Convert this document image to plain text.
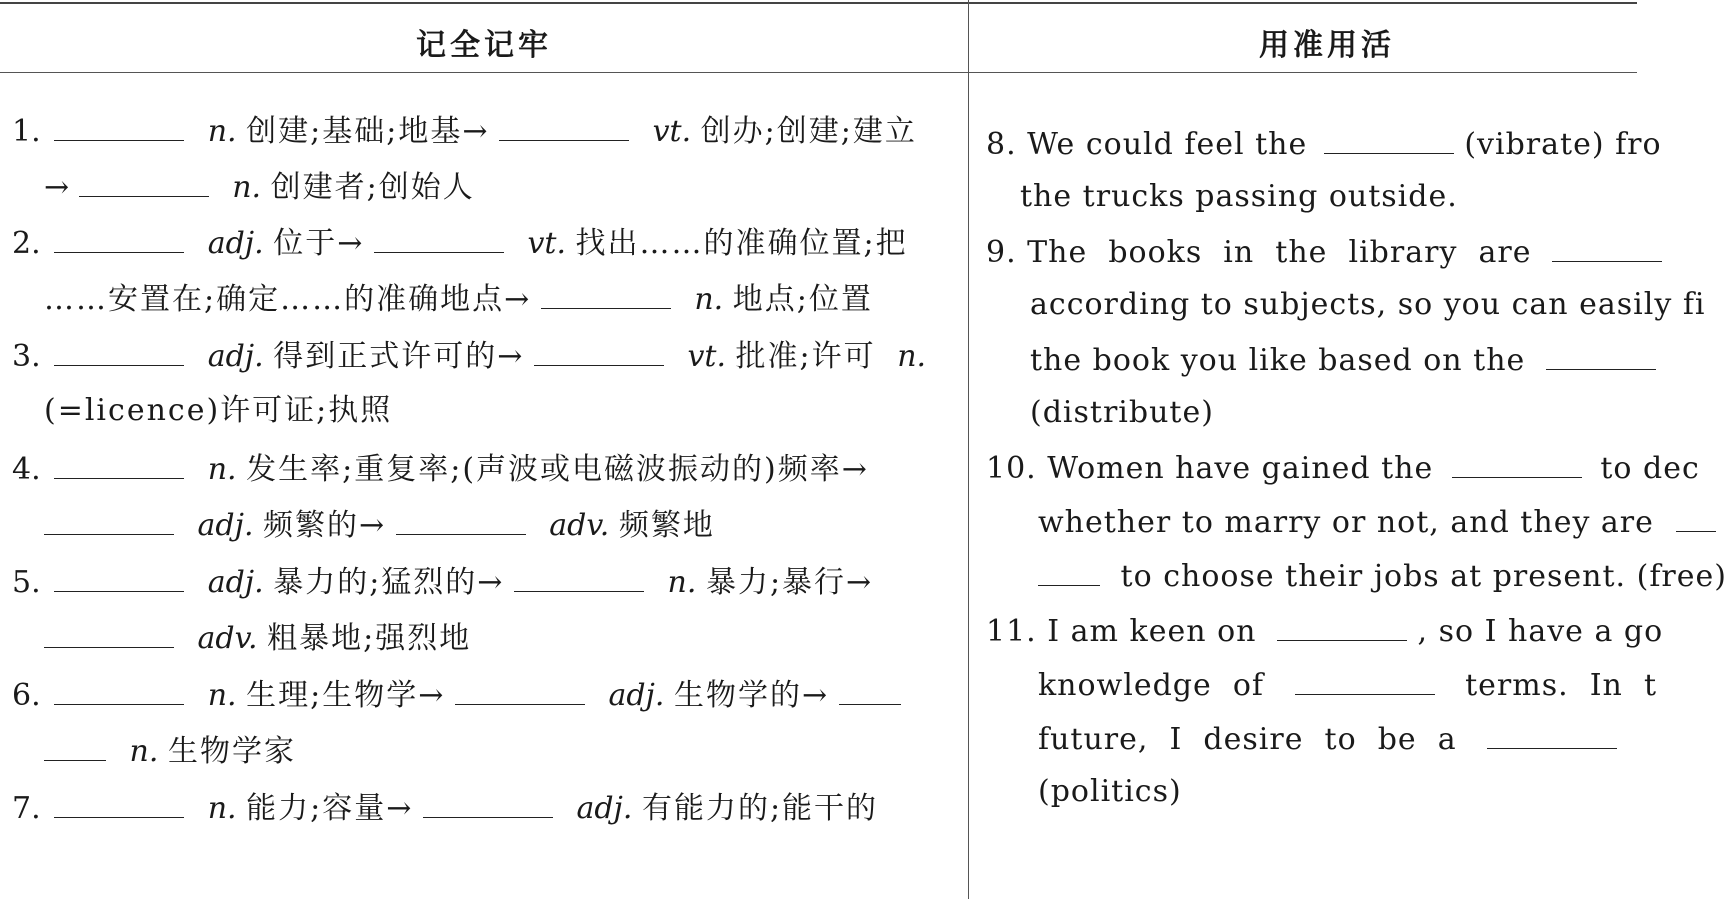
记全记牢	用准用活
1.	n. 创建;基础;地基→	vt. 创办;创建;建立
→	n. 创建者;创始人
2.	adj. 位于→	vt. 找出……的准确位置;把
……安置在;确定……的准确地点→	n. 地点;位置
3.	adj. 得到正式许可的→	vt. 批准;许可 n.
(=licence)许可证;执照
4.	n. 发生率;重复率;(声波或电磁波振动的)频率→
adj. 频繁的→	adv. 频繁地
5.	adj. 暴力的;猛烈的→	n. 暴力;暴行→
adv. 粗暴地;强烈地
6.	n. 生理;生物学→	adj. 生物学的→
n. 生物学家
7.	n. 能力;容量→	adj. 有能力的;能干的
8. We could feel the	(vibrate) fro
the trucks passing outside.
9. The  books  in  the  library  are
according to subjects, so you can easily fi
the book you like based on the
(distribute)
10. Women have gained the	to dec
whether to marry or not, and they are
to choose their jobs at present. (free)
11. I am keen on	, so I have a go
knowledge  of	terms.  In  t
future,  I  desire  to  be  a
(politics)
